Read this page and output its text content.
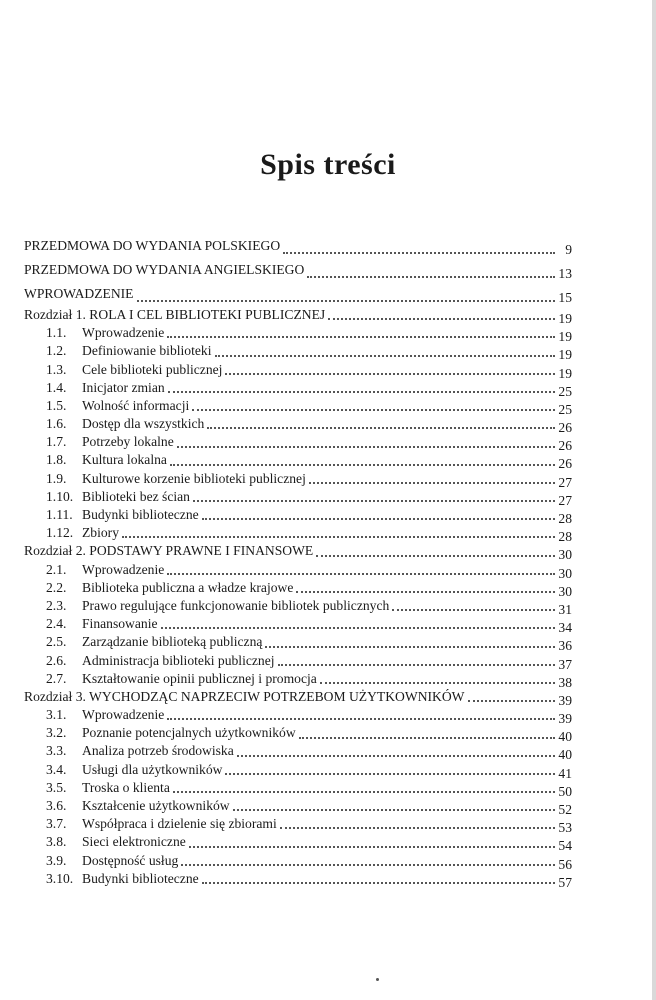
Spis treści
PRZEDMOWA DO WYDANIA POLSKIEGO	9
PRZEDMOWA DO WYDANIA ANGIELSKIEGO	13
WPROWADZENIE	15
Rozdział 1. ROLA I CEL BIBLIOTEKI PUBLICZNEJ	19
1.1.	Wprowadzenie	19
1.2.	Definiowanie biblioteki	19
1.3.	Cele biblioteki publicznej	19
1.4.	Inicjator zmian	25
1.5.	Wolność informacji	25
1.6.	Dostęp dla wszystkich	26
1.7.	Potrzeby lokalne	26
1.8.	Kultura lokalna	26
1.9.	Kulturowe korzenie biblioteki publicznej	27
1.10. Biblioteki bez ścian	27
1.11. Budynki biblioteczne	28
1.12. Zbiory	28
Rozdział 2. PODSTAWY PRAWNE I FINANSOWE	30
2.1.	Wprowadzenie	30
2.2.	Biblioteka publiczna a władze krajowe	30
2.3.	Prawo regulujące funkcjonowanie bibliotek publicznych	31
2.4.	Finansowanie	34
2.5.	Zarządzanie biblioteką publiczną	36
2.6.	Administracja biblioteki publicznej	37
2.7.	Kształtowanie opinii publicznej i promocja	38
Rozdział 3. WYCHODZĄC NAPRZECIW POTRZEBOM UŻYTKOWNIKÓW	39
3.1.	Wprowadzenie	39
3.2.	Poznanie potencjalnych użytkowników	40
3.3.	Analiza potrzeb środowiska	40
3.4.	Usługi dla użytkowników	41
3.5.	Troska o klienta	50
3.6.	Kształcenie użytkowników	52
3.7.	Współpraca i dzielenie się zbiorami	53
3.8.	Sieci elektroniczne	54
3.9.	Dostępność usług	56
3.10. Budynki biblioteczne	57
